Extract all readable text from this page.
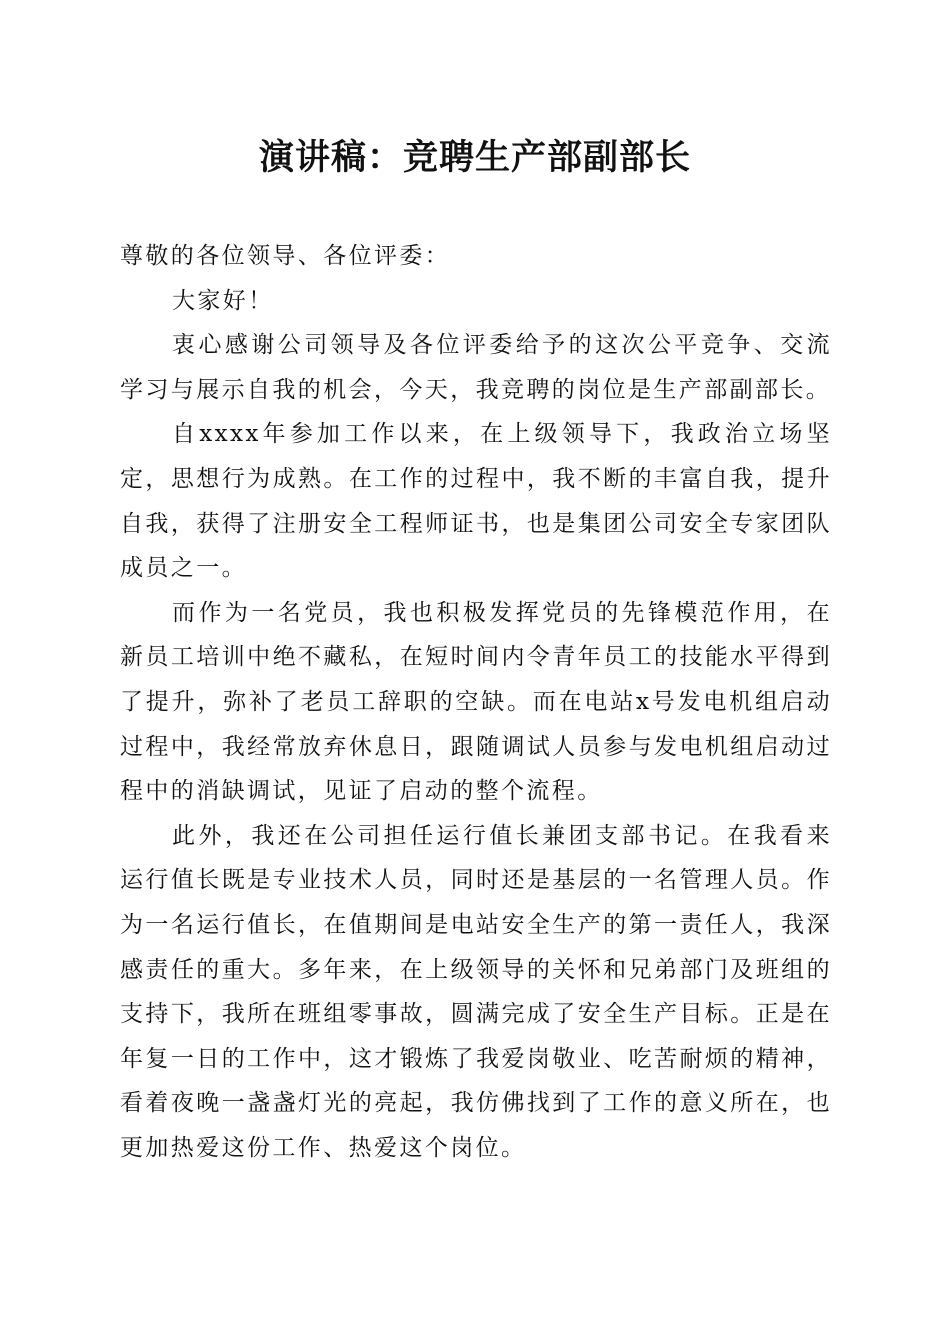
演讲稿：竞聘生产部副部长

尊敬的各位领导、各位评委：

大家好！

衷心感谢公司领导及各位评委给予的这次公平竞争、交流学习与展示自我的机会，今天，我竞聘的岗位是生产部副部长。

自xxxx年参加工作以来，在上级领导下，我政治立场坚定，思想行为成熟。在工作的过程中，我不断的丰富自我，提升自我，获得了注册安全工程师证书，也是集团公司安全专家团队成员之一。

而作为一名党员，我也积极发挥党员的先锋模范作用，在新员工培训中绝不藏私，在短时间内令青年员工的技能水平得到了提升，弥补了老员工辞职的空缺。而在电站x号发电机组启动过程中，我经常放弃休息日，跟随调试人员参与发电机组启动过程中的消缺调试，见证了启动的整个流程。

此外，我还在公司担任运行值长兼团支部书记。在我看来运行值长既是专业技术人员，同时还是基层的一名管理人员。作为一名运行值长，在值期间是电站安全生产的第一责任人，我深感责任的重大。多年来，在上级领导的关怀和兄弟部门及班组的支持下，我所在班组零事故，圆满完成了安全生产目标。正是在年复一日的工作中，这才锻炼了我爱岗敬业、吃苦耐烦的精神，看着夜晚一盏盏灯光的亮起，我仿佛找到了工作的意义所在，也更加热爱这份工作、热爱这个岗位。
